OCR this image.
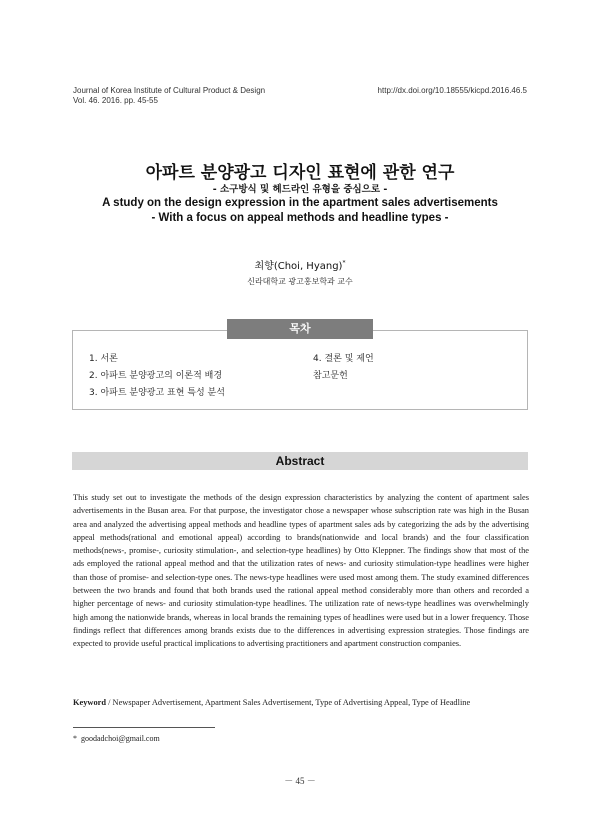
Journal of Korea Institute of Cultural Product & Design
Vol. 46. 2016. pp. 45-55
http://dx.doi.org/10.18555/kicpd.2016.46.5
아파트 분양광고 디자인 표현에 관한 연구
- 소구방식 및 헤드라인 유형을 중심으로 -
A study on the design expression in the apartment sales advertisements
- With a focus on appeal methods and headline types -
최향(Choi, Hyang)*
신라대학교 광고홍보학과 교수
목차
1. 서론
2. 아파트 분양광고의 이론적 배경
3. 아파트 분양광고 표현 특성 분석
4. 결론 및 제언
참고문헌
Abstract
This study set out to investigate the methods of the design expression characteristics by analyzing the content of apartment sales advertisements in the Busan area. For that purpose, the investigator chose a newspaper whose subscription rate was high in the Busan area and analyzed the advertising appeal methods and headline types of apartment sales ads by categorizing the ads by the advertising appeal methods(rational and emotional appeal) according to brands(nationwide and local brands) and the four classification methods(news-, promise-, curiosity stimulation-, and selection-type headlines) by Otto Kleppner. The findings show that most of the ads employed the rational appeal method and that the utilization rates of news- and curiosity stimulation-type headlines were higher than those of promise- and selection-type ones. The news-type headlines were used most among them. The study examined differences between the two brands and found that both brands used the rational appeal method considerably more than others and recorded a higher percentage of news- and curiosity stimulation-type headlines. The utilization rate of news-type headlines was overwhelmingly high among the nationwide brands, whereas in local brands the remaining types of headlines were used but in a lower frequency. Those findings reflect that differences among brands exists due to the differences in advertising expression strategies. Those findings are expected to provide useful practical implications to advertising practitioners and apartment construction companies.
Keyword / Newspaper Advertisement, Apartment Sales Advertisement, Type of Advertising Appeal, Type of Headline
* goodadchoi@gmail.com
－ 45 －
